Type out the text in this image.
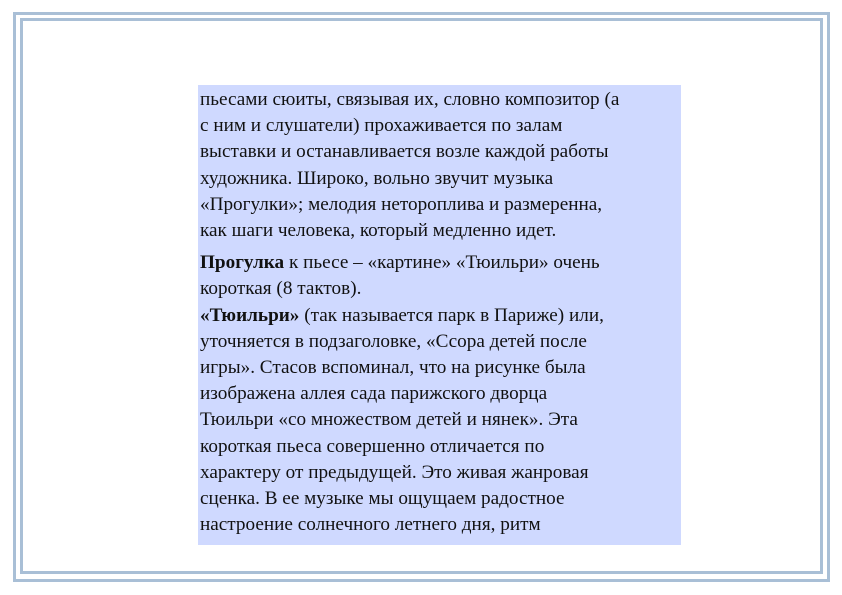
пьесами сюиты, связывая их, словно композитор (а
с ним и слушатели) прохаживается по залам
выставки и останавливается возле каждой работы
художника. Широко, вольно звучит музыка
«Прогулки»; мелодия нетороплива и размеренна,
как шаги человека, который медленно идет.

Прогулка к пьесе – «картине» «Тюильри» очень
короткая (8 тактов).

«Тюильри» (так называется парк в Париже) или,
уточняется в подзаголовке, «Ссора детей после
игры». Стасов вспоминал, что на рисунке была
изображена аллея сада парижского дворца
Тюильри «со множеством детей и нянек». Эта
короткая пьеса совершенно отличается по
характеру от предыдущей. Это живая жанровая
сценка. В ее музыке мы ощущаем радостное
настроение солнечного летнего дня, ритм
